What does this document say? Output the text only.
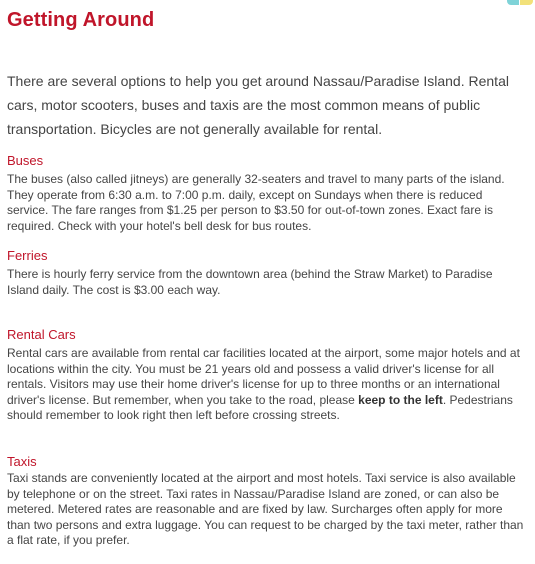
Getting Around

There are several options to help you get around Nassau/Paradise Island. Rental cars, motor scooters, buses and taxis are the most common means of public transportation. Bicycles are not generally available for rental.

Buses

The buses (also called jitneys) are generally 32-seaters and travel to many parts of the island. They operate from 6:30 a.m. to 7:00 p.m. daily, except on Sundays when there is reduced service. The fare ranges from $1.25 per person to $3.50 for out-of-town zones. Exact fare is required. Check with your hotel's bell desk for bus routes.

Ferries

There is hourly ferry service from the downtown area (behind the Straw Market) to Paradise Island daily. The cost is $3.00 each way.

Rental Cars

Rental cars are available from rental car facilities located at the airport, some major hotels and at locations within the city. You must be 21 years old and possess a valid driver's license for all rentals. Visitors may use their home driver's license for up to three months or an international driver's license. But remember, when you take to the road, please keep to the left. Pedestrians should remember to look right then left before crossing streets.

Taxis

Taxi stands are conveniently located at the airport and most hotels. Taxi service is also available by telephone or on the street. Taxi rates in Nassau/Paradise Island are zoned, or can also be metered. Metered rates are reasonable and are fixed by law. Surcharges often apply for more than two persons and extra luggage. You can request to be charged by the taxi meter, rather than a flat rate, if you prefer.
